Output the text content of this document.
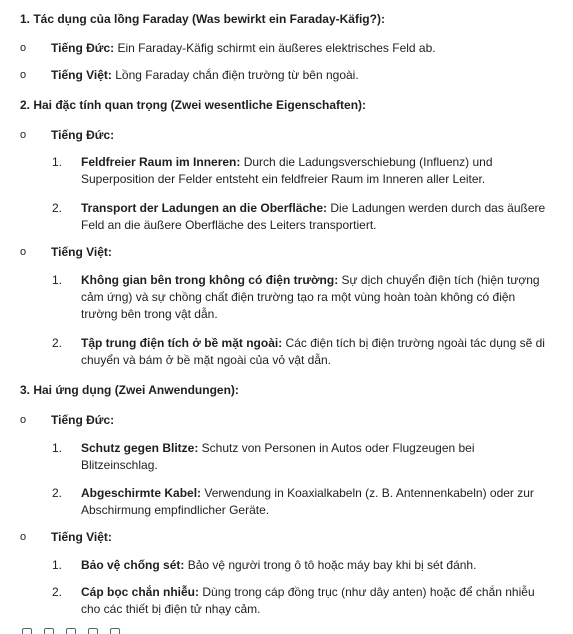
1. Tác dụng của lồng Faraday (Was bewirkt ein Faraday-Käfig?):
o	Tiếng Đức: Ein Faraday-Käfig schirmt ein äußeres elektrisches Feld ab.
o	Tiếng Việt: Lồng Faraday chắn điện trường từ bên ngoài.
2. Hai đặc tính quan trọng (Zwei wesentliche Eigenschaften):
o	Tiếng Đức:
1. Feldfreier Raum im Inneren: Durch die Ladungsverschiebung (Influenz) und Superposition der Felder entsteht ein feldfreier Raum im Inneren aller Leiter.
2. Transport der Ladungen an die Oberfläche: Die Ladungen werden durch das äußere Feld an die äußere Oberfläche des Leiters transportiert.
o	Tiếng Việt:
1. Không gian bên trong không có điện trường: Sự dịch chuyển điện tích (hiện tượng cảm ứng) và sự chồng chất điện trường tạo ra một vùng hoàn toàn không có điện trường bên trong vật dẫn.
2. Tập trung điện tích ở bề mặt ngoài: Các điện tích bị điện trường ngoài tác dụng sẽ di chuyển và bám ở bề mặt ngoài của vỏ vật dẫn.
3. Hai ứng dụng (Zwei Anwendungen):
o	Tiếng Đức:
1. Schutz gegen Blitze: Schutz von Personen in Autos oder Flugzeugen bei Blitzeinschlag.
2. Abgeschirmte Kabel: Verwendung in Koaxialkabeln (z. B. Antennenkabeln) oder zur Abschirmung empfindlicher Geräte.
o	Tiếng Việt:
1. Bảo vệ chống sét: Bảo vệ người trong ô tô hoặc máy bay khi bị sét đánh.
2. Cáp bọc chắn nhiễu: Dùng trong cáp đồng trục (như dây anten) hoặc để chắn nhiễu cho các thiết bị điện tử nhạy cảm.
